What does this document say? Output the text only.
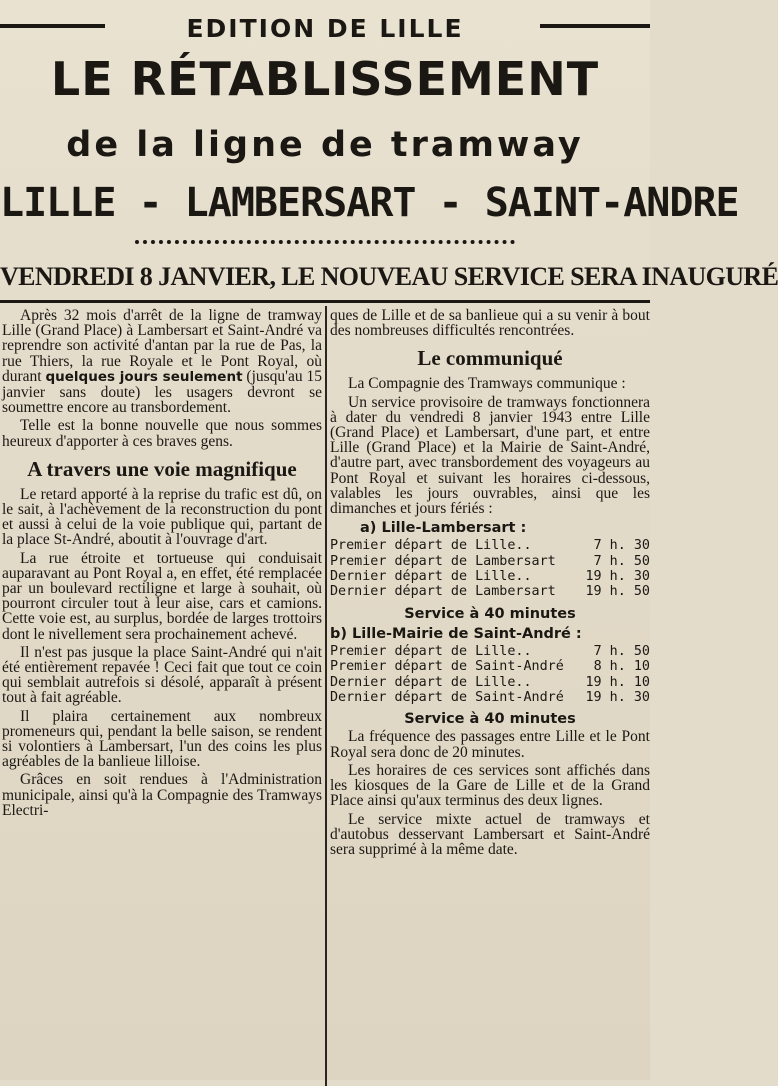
EDITION DE LILLE
LE RÉTABLISSEMENT
de la ligne de tramway
LILLE - LAMBERSART - SAINT-ANDRE
VENDREDI 8 JANVIER, LE NOUVEAU SERVICE SERA INAUGURÉ

Après 32 mois d'arrêt de la ligne de tramway Lille (Grand Place) à Lambersart et Saint-André va reprendre son activité d'antan par la rue de Pas, la rue Thiers, la rue Royale et le Pont Royal, où durant quelques jours seulement (jusqu'au 15 janvier sans doute) les usagers devront se soumettre encore au transbordement.

Telle est la bonne nouvelle que nous sommes heureux d'apporter à ces braves gens.

A travers une voie magnifique

Le retard apporté à la reprise du trafic est dû, on le sait, à l'achèvement de la reconstruction du pont et aussi à celui de la voie publique qui, partant de la place St-André, aboutit à l'ouvrage d'art.

La rue étroite et tortueuse qui conduisait auparavant au Pont Royal a, en effet, été remplacée par un boulevard rectiligne et large à souhait, où pourront circuler tout à leur aise, cars et camions. Cette voie est, au surplus, bordée de larges trottoirs dont le nivellement sera prochainement achevé.

Il n'est pas jusque la place Saint-André qui n'ait été entièrement repavée ! Ceci fait que tout ce coin qui semblait autrefois si désolé, apparaît à présent tout à fait agréable.

Il plaira certainement aux nombreux promeneurs qui, pendant la belle saison, se rendent si volontiers à Lambersart, l'un des coins les plus agréables de la banlieue lilloise.

Grâces en soit rendues à l'Administration municipale, ainsi qu'à la Compagnie des Tramways Electri-

ques de Lille et de sa banlieue qui a su venir à bout des nombreuses difficultés rencontrées.

Le communiqué

La Compagnie des Tramways communique :

Un service provisoire de tramways fonctionnera à dater du vendredi 8 janvier 1943 entre Lille (Grand Place) et Lambersart, d'une part, et entre Lille (Grand Place) et la Mairie de Saint-André, d'autre part, avec transbordement des voyageurs au Pont Royal et suivant les horaires ci-dessous, valables les jours ouvrables, ainsi que les dimanches et jours fériés :

a) Lille-Lambersart :
Premier départ de Lille..	7 h. 30
Premier départ de Lambersart	7 h. 50
Dernier départ de Lille..	19 h. 30
Dernier départ de Lambersart 19 h. 50
Service à 40 minutes
b) Lille-Mairie de Saint-André :
Premier départ de Lille..	7 h. 50
Premier départ de Saint-André 8 h. 10
Dernier départ de Lille..	19 h. 10
Dernier départ de Saint-André 19 h. 30
Service à 40 minutes

La fréquence des passages entre Lille et le Pont Royal sera donc de 20 minutes.

Les horaires de ces services sont affichés dans les kiosques de la Gare de Lille et de la Grand Place ainsi qu'aux terminus des deux lignes.

Le service mixte actuel de tramways et d'autobus desservant Lambersart et Saint-André sera supprimé à la même date.
